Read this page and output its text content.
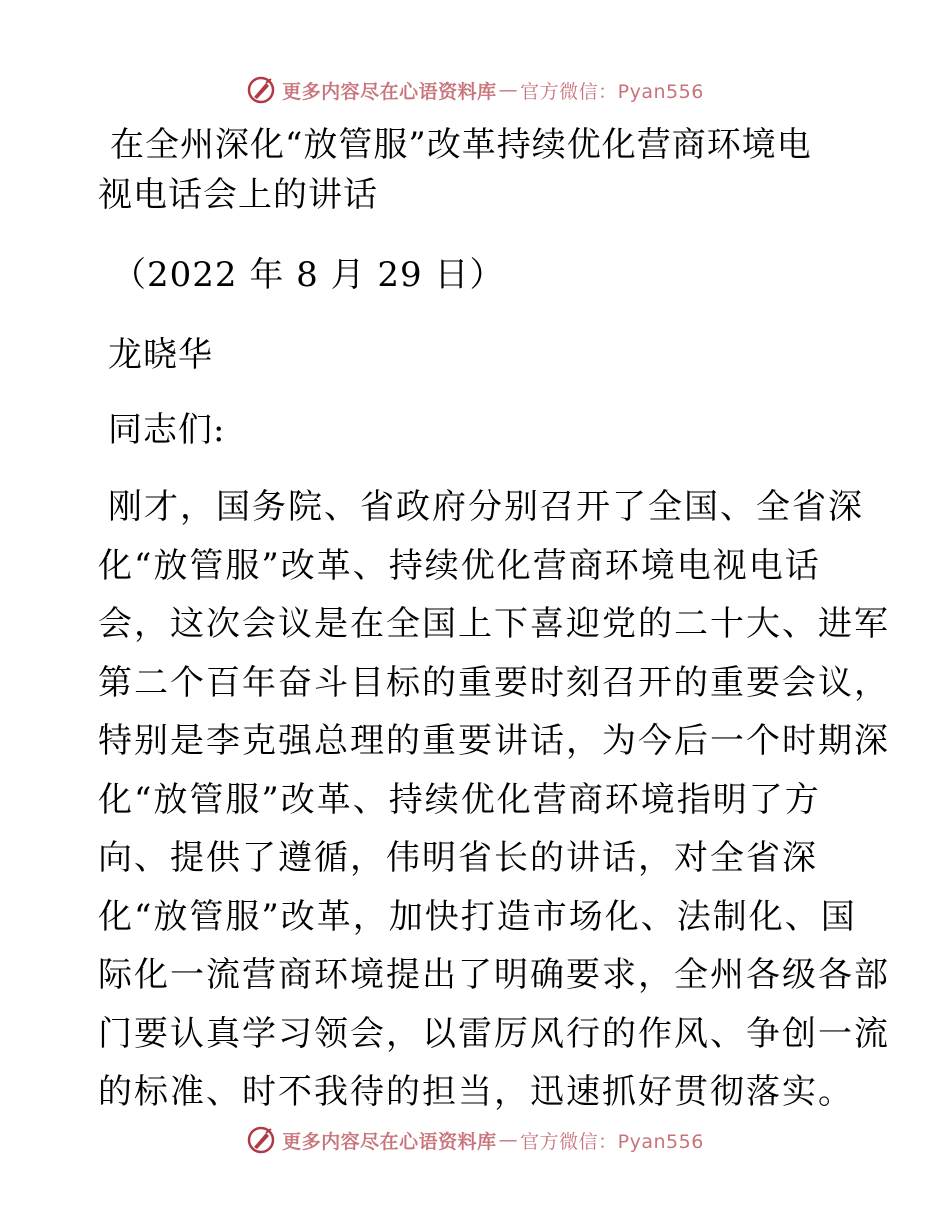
更多内容尽在心语资料库 — 官方微信：Pyan556
在全州深化“放管服”改革持续优化营商环境电
视电话会上的讲话
（2022 年 8 月 29 日）
龙晓华
同志们:
刚才，国务院、省政府分别召开了全国、全省深
化“放管服”改革、持续优化营商环境电视电话
会，这次会议是在全国上下喜迎党的二十大、进军
第二个百年奋斗目标的重要时刻召开的重要会议，
特别是李克强总理的重要讲话，为今后一个时期深
化“放管服”改革、持续优化营商环境指明了方
向、提供了遵循，伟明省长的讲话，对全省深
化“放管服”改革，加快打造市场化、法制化、国
际化一流营商环境提出了明确要求，全州各级各部
门要认真学习领会，以雷厉风行的作风、争创一流
的标准、时不我待的担当，迅速抓好贯彻落实。
更多内容尽在心语资料库 — 官方微信：Pyan556
